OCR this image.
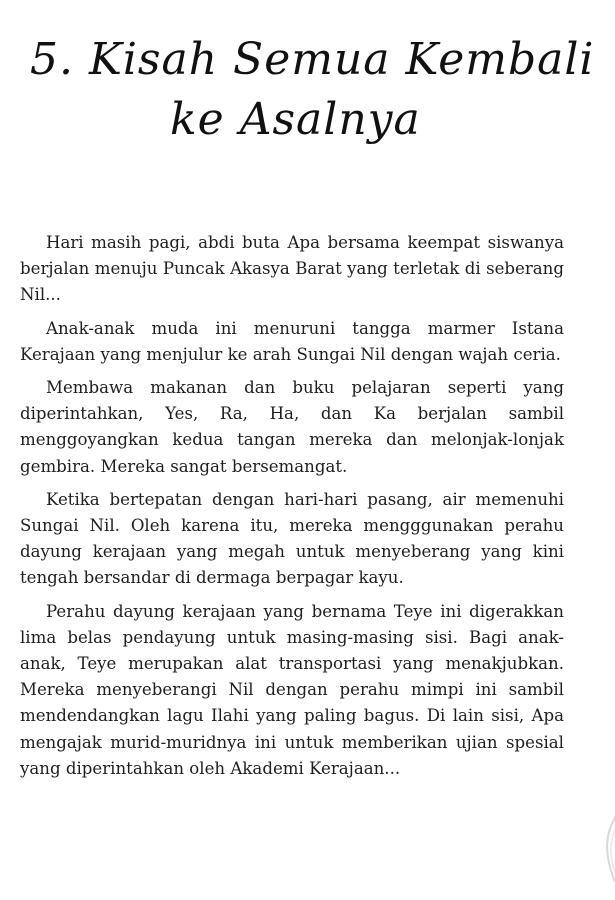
5. Kisah Semua Kembali
ke Asalnya

Hari masih pagi, abdi buta Apa bersama keempat siswanya berjalan menuju Puncak Akasya Barat yang terletak di seberang Nil...

Anak-anak muda ini menuruni tangga marmer Istana Kerajaan yang menjulur ke arah Sungai Nil dengan wajah ceria.

Membawa makanan dan buku pelajaran seperti yang diperintahkan, Yes, Ra, Ha, dan Ka berjalan sambil menggoyangkan kedua tangan mereka dan melonjak-lonjak gembira. Mereka sangat bersemangat.

Ketika bertepatan dengan hari-hari pasang, air memenuhi Sungai Nil. Oleh karena itu, mereka mengggunakan perahu dayung kerajaan yang megah untuk menyeberang yang kini tengah bersandar di dermaga berpagar kayu.

Perahu dayung kerajaan yang bernama Teye ini digerakkan lima belas pendayung untuk masing-masing sisi. Bagi anak-anak, Teye merupakan alat transportasi yang menakjubkan. Mereka menyeberangi Nil dengan perahu mimpi ini sambil mendendangkan lagu Ilahi yang paling bagus. Di lain sisi, Apa mengajak murid-muridnya ini untuk memberikan ujian spesial yang diperintahkan oleh Akademi Kerajaan...
